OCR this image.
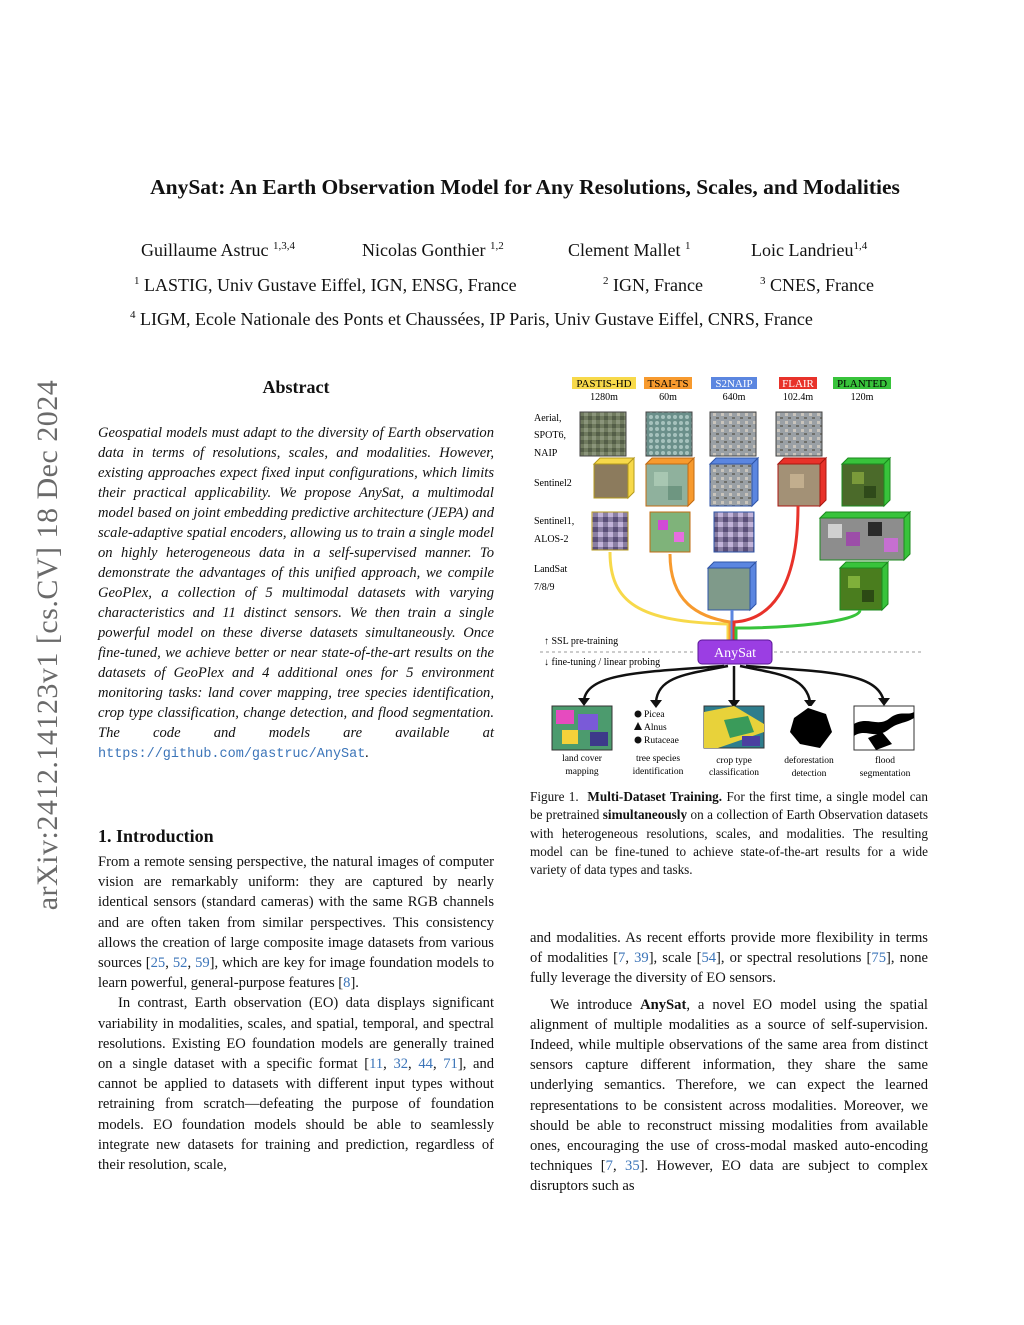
arXiv:2412.14123v1 [cs.CV] 18 Dec 2024
AnySat: An Earth Observation Model for Any Resolutions, Scales, and Modalities
Guillaume Astruc $^{1,3,4}$	Nicolas Gonthier $^{1,2}$	Clement Mallet $^1$	Loic Landrieu$^{1,4}$
$^1$ LASTIG, Univ Gustave Eiffel, IGN, ENSG, France	$^2$ IGN, France	$^3$ CNES, France
$^4$ LIGM, Ecole Nationale des Ponts et Chaussées, IP Paris, Univ Gustave Eiffel, CNRS, France
Abstract
Geospatial models must adapt to the diversity of Earth observation data in terms of resolutions, scales, and modalities. However, existing approaches expect fixed input configurations, which limits their practical applicability. We propose AnySat, a multimodal model based on joint embedding predictive architecture (JEPA) and scale-adaptive spatial encoders, allowing us to train a single model on highly heterogeneous data in a self-supervised manner. To demonstrate the advantages of this unified approach, we compile GeoPlex, a collection of 5 multimodal datasets with varying characteristics and 11 distinct sensors. We then train a single powerful model on these diverse datasets simultaneously. Once fine-tuned, we achieve better or near state-of-the-art results on the datasets of GeoPlex and 4 additional ones for 5 environment monitoring tasks: land cover mapping, tree species identification, crop type classification, change detection, and flood segmentation. The code and models are available at https://github.com/gastruc/AnySat.
1. Introduction

From a remote sensing perspective, the natural images of computer vision are remarkably uniform: they are captured by nearly identical sensors (standard cameras) with the same RGB channels and are often taken from similar perspectives. This consistency allows the creation of large composite image datasets from various sources [25, 52, 59], which are key for image foundation models to learn powerful, general-purpose features [8].

In contrast, Earth observation (EO) data displays significant variability in modalities, scales, and spatial, temporal, and spectral resolutions. Existing EO foundation models are generally trained on a single dataset with a specific format [11, 32, 44, 71], and cannot be applied to datasets with different input types without retraining from scratch—defeating the purpose of foundation models. EO foundation models should be able to seamlessly integrate new datasets for training and prediction, regardless of their resolution, scale,

and modalities. As recent efforts provide more flexibility in terms of modalities [7, 39], scale [54], or spectral resolutions [75], none fully leverage the diversity of EO sensors.

We introduce AnySat, a novel EO model using the spatial alignment of multiple modalities as a source of self-supervision. Indeed, while multiple observations of the same area from distinct sensors capture different information, they share the same underlying semantics. Therefore, we can expect the learned representations to be consistent across modalities. Moreover, we should be able to reconstruct missing modalities from available ones, encouraging the use of cross-modal masked auto-encoding techniques [7, 35]. However, EO data are subject to complex disruptors such as

PASTIS-HD
1280m
TSAI-TS
60m
S2NAIP
640m
FLAIR
102.4m
PLANTED
120m
Aerial,
SPOT6,
NAIP
Sentinel2
Sentinel1,
ALOS-2
LandSat
7/8/9
↑ SSL pre-training
↓ fine-tuning / linear probing
AnySat
Picea
Alnus
Rutaceae
land cover
mapping
tree species
identification
crop type
classification
deforestation
detection
flood
segmentation
Figure 1. Multi-Dataset Training. For the first time, a single model can be pretrained simultaneously on a collection of Earth Observation datasets with heterogeneous resolutions, scales, and modalities. The resulting model can be fine-tuned to achieve state-of-the-art results for a wide variety of data types and tasks.
